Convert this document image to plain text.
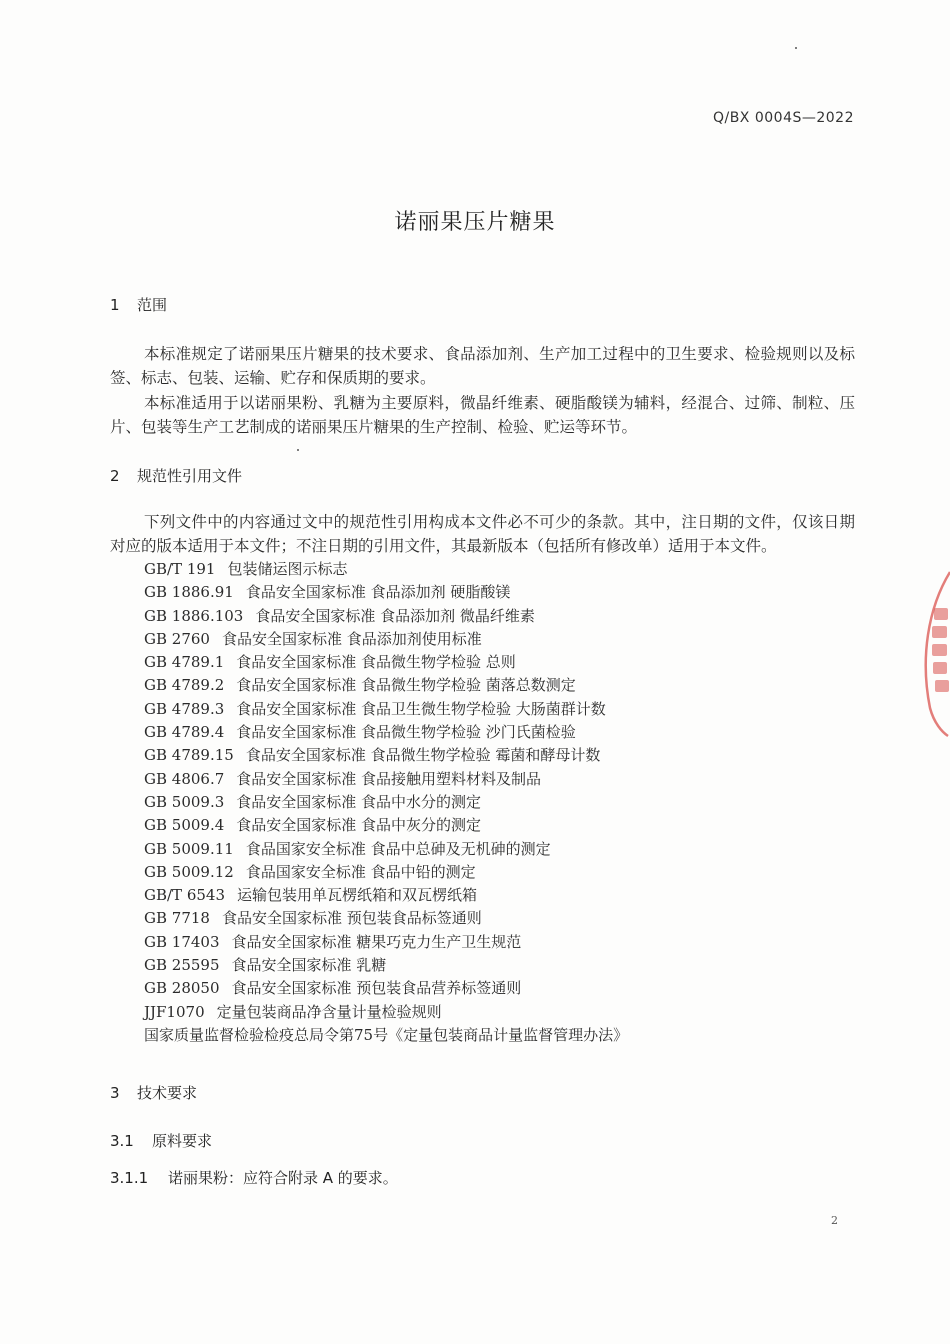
Q/BX 0004S—2022
诺丽果压片糖果
1 范围
本标准规定了诺丽果压片糖果的技术要求、食品添加剂、生产加工过程中的卫生要求、检验规则以及标签、标志、包装、运输、贮存和保质期的要求。
本标准适用于以诺丽果粉、乳糖为主要原料，微晶纤维素、硬脂酸镁为辅料，经混合、过筛、制粒、压片、包装等生产工艺制成的诺丽果压片糖果的生产控制、检验、贮运等环节。
2 规范性引用文件
下列文件中的内容通过文中的规范性引用构成本文件必不可少的条款。其中，注日期的文件，仅该日期对应的版本适用于本文件；不注日期的引用文件，其最新版本（包括所有修改单）适用于本文件。
GB/T 191 包装储运图示标志
GB 1886.91 食品安全国家标准 食品添加剂 硬脂酸镁
GB 1886.103 食品安全国家标准 食品添加剂 微晶纤维素
GB 2760 食品安全国家标准 食品添加剂使用标准
GB 4789.1 食品安全国家标准 食品微生物学检验 总则
GB 4789.2 食品安全国家标准 食品微生物学检验 菌落总数测定
GB 4789.3 食品安全国家标准 食品卫生微生物学检验 大肠菌群计数
GB 4789.4 食品安全国家标准 食品微生物学检验 沙门氏菌检验
GB 4789.15 食品安全国家标准 食品微生物学检验 霉菌和酵母计数
GB 4806.7 食品安全国家标准 食品接触用塑料材料及制品
GB 5009.3 食品安全国家标准 食品中水分的测定
GB 5009.4 食品安全国家标准 食品中灰分的测定
GB 5009.11 食品国家安全标准 食品中总砷及无机砷的测定
GB 5009.12 食品国家安全标准 食品中铅的测定
GB/T 6543 运输包装用单瓦楞纸箱和双瓦楞纸箱
GB 7718 食品安全国家标准 预包装食品标签通则
GB 17403 食品安全国家标准 糖果巧克力生产卫生规范
GB 25595 食品安全国家标准 乳糖
GB 28050 食品安全国家标准 预包装食品营养标签通则
JJF1070 定量包装商品净含量计量检验规则
国家质量监督检验检疫总局令第75号《定量包装商品计量监督管理办法》
3 技术要求
3.1 原料要求
3.1.1 诺丽果粉：应符合附录 A 的要求。
2
